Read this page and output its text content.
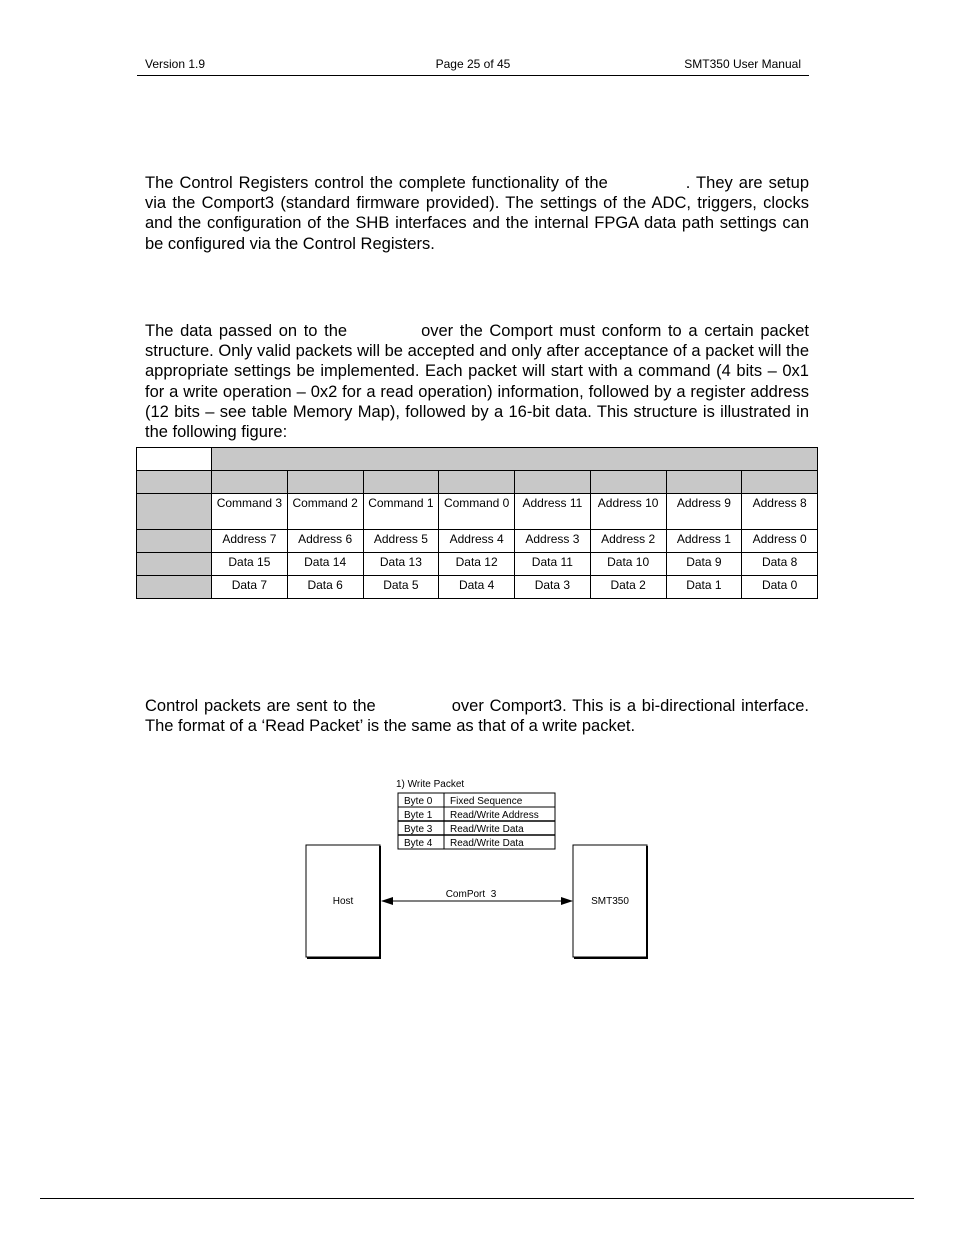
Version 1.9	Page 25 of 45	SMT350 User Manual

The Control Registers control the complete functionality of the	. They are setup via the Comport3 (standard firmware provided). The settings of the ADC, triggers, clocks and the configuration of the SHB interfaces and the internal FPGA data path settings can be configured via the Control Registers.

The data passed on to the	over the Comport must conform to a certain packet structure. Only valid packets will be accepted and only after acceptance of a packet will the appropriate settings be implemented. Each packet will start with a command (4 bits – 0x1 for a write operation – 0x2 for a read operation) information, followed by a register address (12 bits – see table Memory Map), followed by a 16-bit data. This structure is illustrated in the following figure:

	Command 3	Command 2	Command 1	Command 0	Address 11	Address 10	Address 9	Address 8
	Address 7	Address 6	Address 5	Address 4	Address 3	Address 2	Address 1	Address 0
	Data 15	Data 14	Data 13	Data 12	Data 11	Data 10	Data 9	Data 8
	Data 7	Data 6	Data 5	Data 4	Data 3	Data 2	Data 1	Data 0

Control packets are sent to the	over Comport3. This is a bi-directional interface. The format of a ‘Read Packet’ is the same as that of a write packet.

1) Write Packet
Byte 0 Fixed Sequence
Byte 1 Read/Write Address
Byte 3 Read/Write Data
Byte 4 Read/Write Data
Host	SMT350
ComPort  3
